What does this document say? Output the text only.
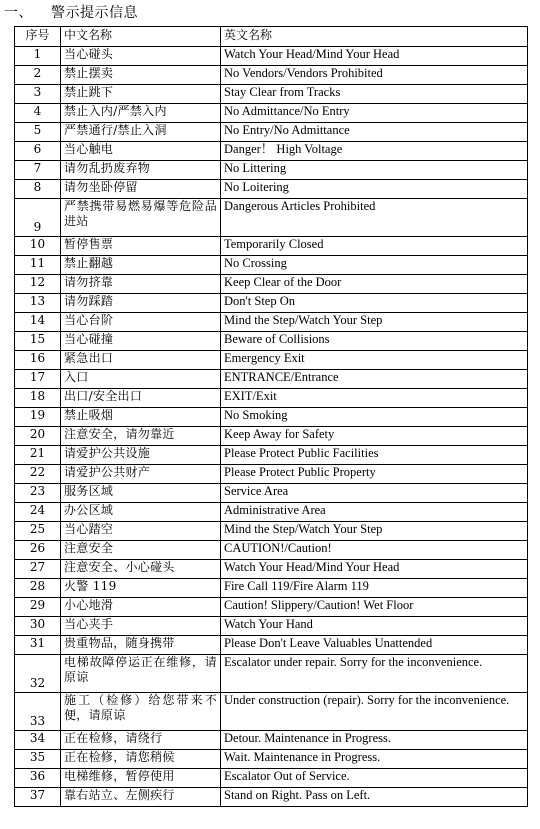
一、 警示提示信息
序号	中文名称	英文名称
1	当心碰头	Watch Your Head/Mind Your Head
2	禁止摆卖	No Vendors/Vendors Prohibited
3	禁止跳下	Stay Clear from Tracks
4	禁止入内/严禁入内	No Admittance/No Entry
5	严禁通行/禁止入洞	No Entry/No Admittance
6	当心触电	Danger！ High Voltage
7	请勿乱扔废弃物	No Littering
8	请勿坐卧停留	No Loitering
9	严禁携带易燃易爆等危险品进站	Dangerous Articles Prohibited
10	暂停售票	Temporarily Closed
11	禁止翻越	No Crossing
12	请勿挤靠	Keep Clear of the Door
13	请勿踩踏	Don't Step On
14	当心台阶	Mind the Step/Watch Your Step
15	当心碰撞	Beware of Collisions
16	紧急出口	Emergency Exit
17	入口	ENTRANCE/Entrance
18	出口/安全出口	EXIT/Exit
19	禁止吸烟	No Smoking
20	注意安全，请勿靠近	Keep Away for Safety
21	请爱护公共设施	Please Protect Public Facilities
22	请爱护公共财产	Please Protect Public Property
23	服务区域	Service Area
24	办公区域	Administrative Area
25	当心踏空	Mind the Step/Watch Your Step
26	注意安全	CAUTION!/Caution!
27	注意安全、小心碰头	Watch Your Head/Mind Your Head
28	火警 119	Fire Call 119/Fire Alarm 119
29	小心地滑	Caution! Slippery/Caution! Wet Floor
30	当心夹手	Watch Your Hand
31	贵重物品，随身携带	Please Don't Leave Valuables Unattended
32	电梯故障停运正在维修，请原谅	Escalator under repair. Sorry for the inconvenience.
33	施工（检修）给您带来不便，请原谅	Under construction (repair). Sorry for the inconvenience.
34	正在检修，请绕行	Detour. Maintenance in Progress.
35	正在检修，请您稍候	Wait. Maintenance in Progress.
36	电梯维修，暂停使用	Escalator Out of Service.
37	靠右站立、左侧疾行	Stand on Right. Pass on Left.
